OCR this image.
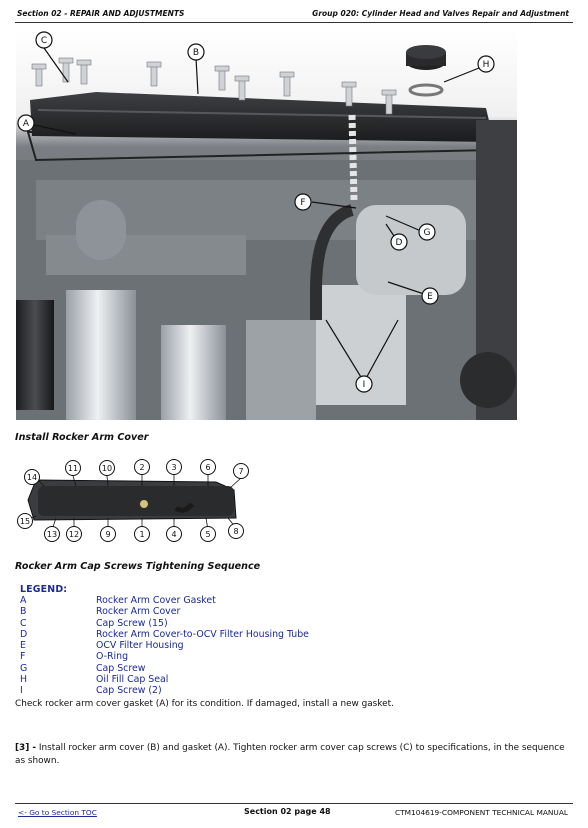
Section 02 - REPAIR AND ADJUSTMENTS	Group 020: Cylinder Head and Valves Repair and Adjustment
C
B
A
H
F
D
G
E
I
Install Rocker Arm Cover
1
2	3
4	5
6	7
8
9
10
11
12
13
14
15
Rocker Arm Cap Screws Tightening Sequence
LEGEND:
A	Rocker Arm Cover Gasket
B	Rocker Arm Cover
C	Cap Screw (15)
D	Rocker Arm Cover-to-OCV Filter Housing Tube
E	OCV Filter Housing
F	O-Ring
G	Cap Screw
H	Oil Fill Cap Seal
I	Cap Screw (2)
Check rocker arm cover gasket (A) for its condition. If damaged, install a new gasket.
[3] - Install rocker arm cover (B) and gasket (A). Tighten rocker arm cover cap screws (C) to specifications, in the sequence as shown.
<- Go to Section TOC	Section 02 page 48	CTM104619-COMPONENT TECHNICAL MANUAL
